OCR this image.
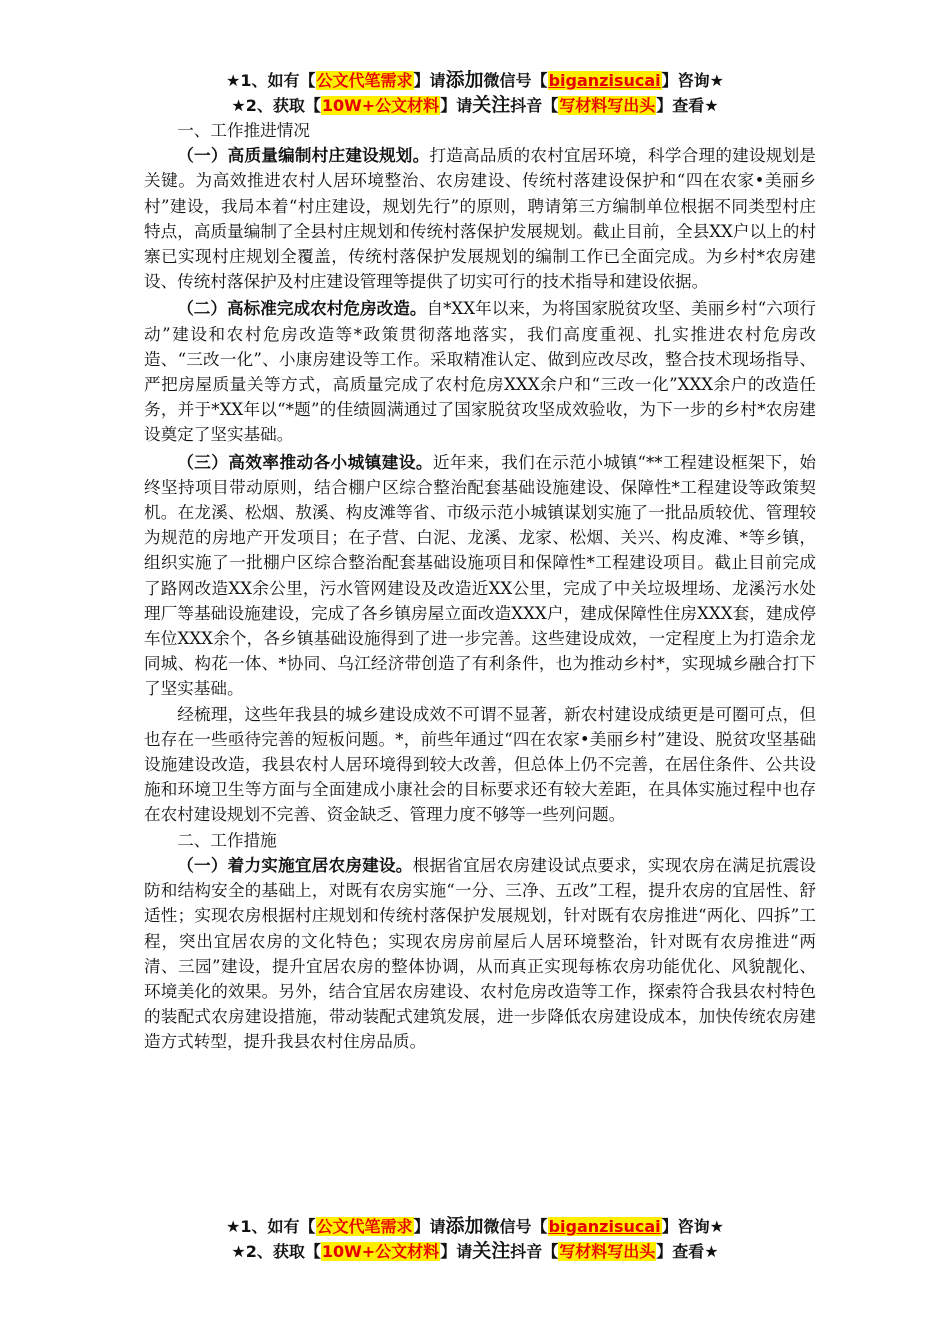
★1、如有【公文代笔需求】请添加微信号【biganzisucai】咨询★
★2、获取【10W+公文材料】请关注抖音【写材料写出头】查看★
一、工作推进情况

（一）高质量编制村庄建设规划。打造高品质的农村宜居环境，科学合理的建设规划是关键。为高效推进农村人居环境整治、农房建设、传统村落建设保护和“四在农家•美丽乡村”建设，我局本着“村庄建设，规划先行”的原则，聘请第三方编制单位根据不同类型村庄特点，高质量编制了全县村庄规划和传统村落保护发展规划。截止目前，全县XX户以上的村寨已实现村庄规划全覆盖，传统村落保护发展规划的编制工作已全面完成。为乡村*农房建设、传统村落保护及村庄建设管理等提供了切实可行的技术指导和建设依据。

（二）高标准完成农村危房改造。自*XX年以来，为将国家脱贫攻坚、美丽乡村“六项行动”建设和农村危房改造等*政策贯彻落地落实，我们高度重视、扎实推进农村危房改造、“三改一化”、小康房建设等工作。采取精准认定、做到应改尽改，整合技术现场指导、严把房屋质量关等方式，高质量完成了农村危房XXX余户和“三改一化”XXX余户的改造任务，并于*XX年以“*题”的佳绩圆满通过了国家脱贫攻坚成效验收，为下一步的乡村*农房建设奠定了坚实基础。

（三）高效率推动各小城镇建设。近年来，我们在示范小城镇“**工程建设框架下，始终坚持项目带动原则，结合棚户区综合整治配套基础设施建设、保障性*工程建设等政策契机。在龙溪、松烟、敖溪、构皮滩等省、市级示范小城镇谋划实施了一批品质较优、管理较为规范的房地产开发项目；在子营、白泥、龙溪、龙家、松烟、关兴、构皮滩、*等乡镇，组织实施了一批棚户区综合整治配套基础设施项目和保障性*工程建设项目。截止目前完成了路网改造XX余公里，污水管网建设及改造近XX公里，完成了中关垃圾埋场、龙溪污水处理厂等基础设施建设，完成了各乡镇房屋立面改造XXX户，建成保障性住房XXX套，建成停车位XXX余个，各乡镇基础设施得到了进一步完善。这些建设成效，一定程度上为打造余龙同城、构花一体、*协同、乌江经济带创造了有利条件，也为推动乡村*，实现城乡融合打下了坚实基础。

经梳理，这些年我县的城乡建设成效不可谓不显著，新农村建设成绩更是可圈可点，但也存在一些亟待完善的短板问题。*，前些年通过“四在农家•美丽乡村”建设、脱贫攻坚基础设施建设改造，我县农村人居环境得到较大改善，但总体上仍不完善，在居住条件、公共设施和环境卫生等方面与全面建成小康社会的目标要求还有较大差距，在具体实施过程中也存在农村建设规划不完善、资金缺乏、管理力度不够等一些列问题。

二、工作措施

（一）着力实施宜居农房建设。根据省宜居农房建设试点要求，实现农房在满足抗震设防和结构安全的基础上，对既有农房实施“一分、三净、五改”工程，提升农房的宜居性、舒适性；实现农房根据村庄规划和传统村落保护发展规划，针对既有农房推进“两化、四拆”工程，突出宜居农房的文化特色；实现农房房前屋后人居环境整治，针对既有农房推进“两清、三园”建设，提升宜居农房的整体协调，从而真正实现每栋农房功能优化、风貌靓化、环境美化的效果。另外，结合宜居农房建设、农村危房改造等工作，探索符合我县农村特色的装配式农房建设措施，带动装配式建筑发展，进一步降低农房建设成本，加快传统农房建造方式转型，提升我县农村住房品质。

★1、如有【公文代笔需求】请添加微信号【biganzisucai】咨询★
★2、获取【10W+公文材料】请关注抖音【写材料写出头】查看★
